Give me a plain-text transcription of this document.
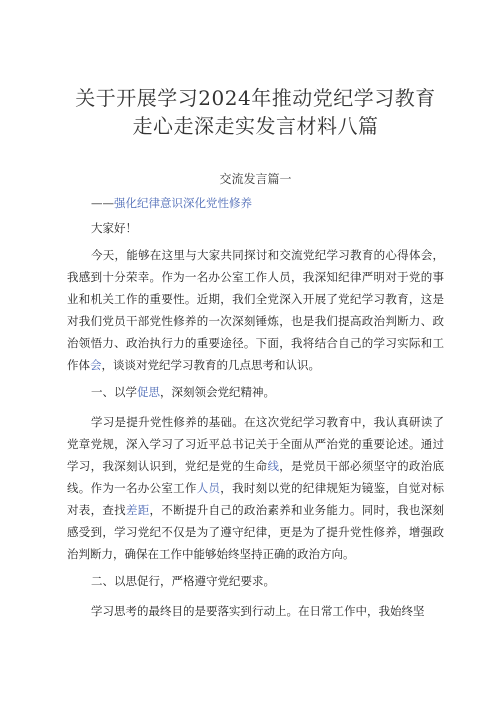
关于开展学习2024年推动党纪学习教育走心走深走实发言材料八篇

交流发言篇一

——强化纪律意识深化党性修养

大家好！

今天，能够在这里与大家共同探讨和交流党纪学习教育的心得体会，我感到十分荣幸。作为一名办公室工作人员，我深知纪律严明对于党的事业和机关工作的重要性。近期，我们全党深入开展了党纪学习教育，这是对我们党员干部党性修养的一次深刻锤炼，也是我们提高政治判断力、政治领悟力、政治执行力的重要途径。下面，我将结合自己的学习实际和工作体会，谈谈对党纪学习教育的几点思考和认识。

一、以学促思，深刻领会党纪精神。

学习是提升党性修养的基础。在这次党纪学习教育中，我认真研读了党章党规，深入学习了习近平总书记关于全面从严治党的重要论述。通过学习，我深刻认识到，党纪是党的生命线，是党员干部必须坚守的政治底线。作为一名办公室工作人员，我时刻以党的纪律规矩为镜鉴，自觉对标对表，查找差距，不断提升自己的政治素养和业务能力。同时，我也深刻感受到，学习党纪不仅是为了遵守纪律，更是为了提升党性修养，增强政治判断力，确保在工作中能够始终坚持正确的政治方向。

二、以思促行，严格遵守党纪要求。

学习思考的最终目的是要落实到行动上。在日常工作中，我始终坚
